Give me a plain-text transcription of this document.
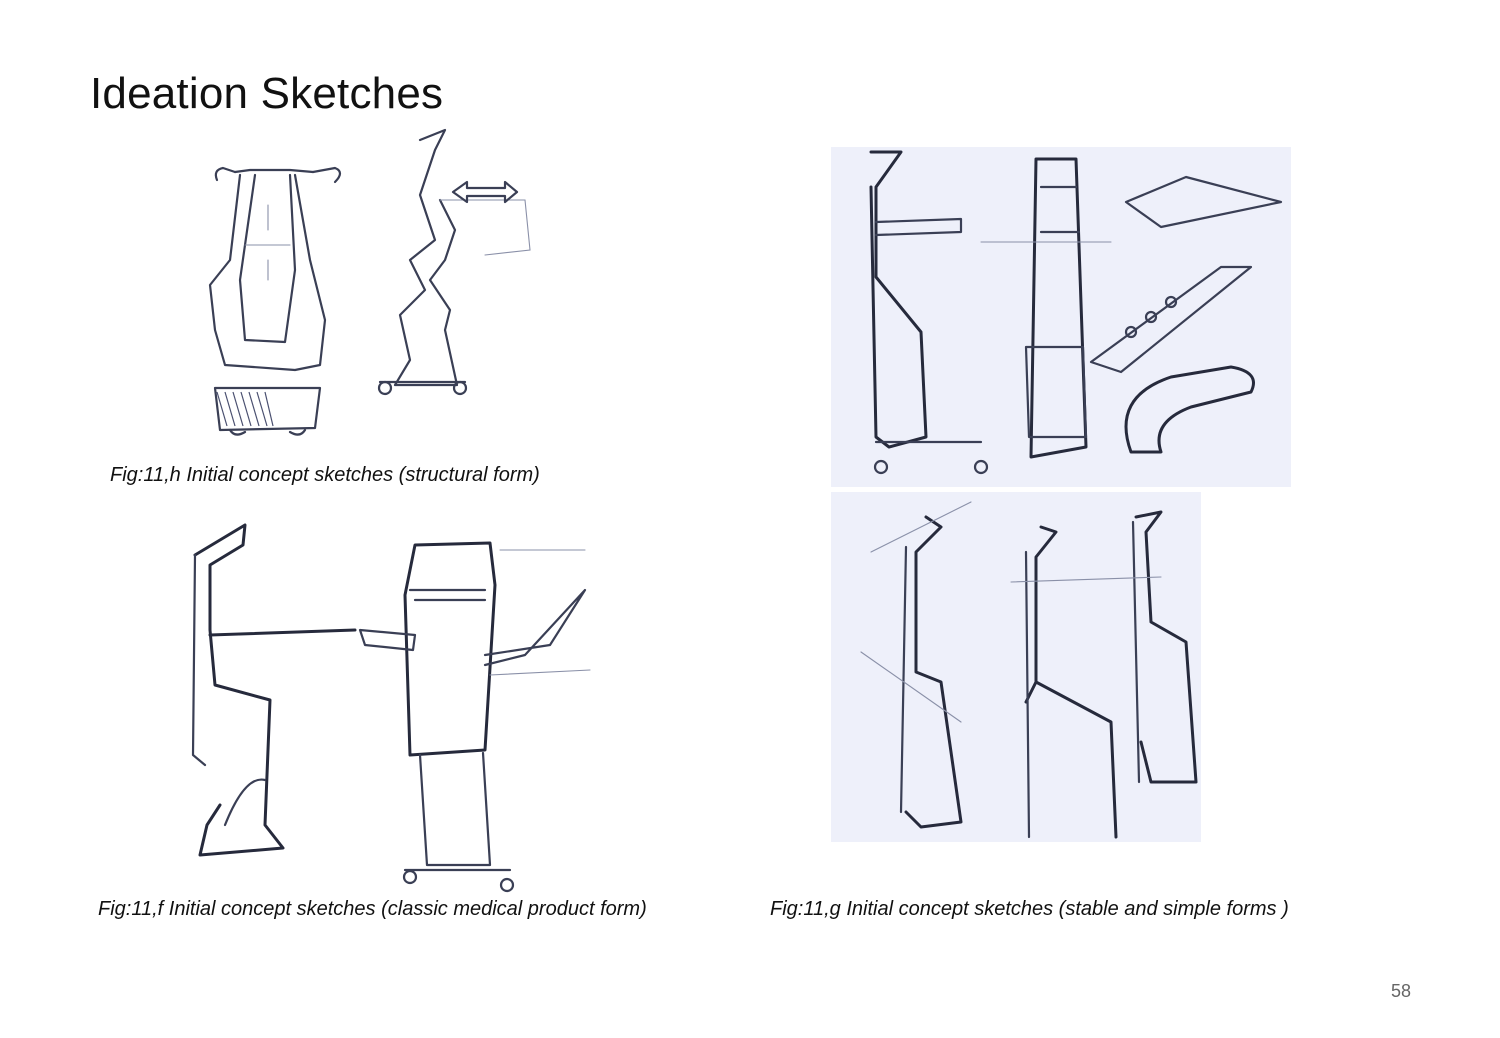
Ideation Sketches
Fig:11,h Initial concept sketches (structural form)
Fig:11,f Initial concept sketches (classic medical product form)	Fig:11,g Initial concept sketches (stable and simple forms )
58
